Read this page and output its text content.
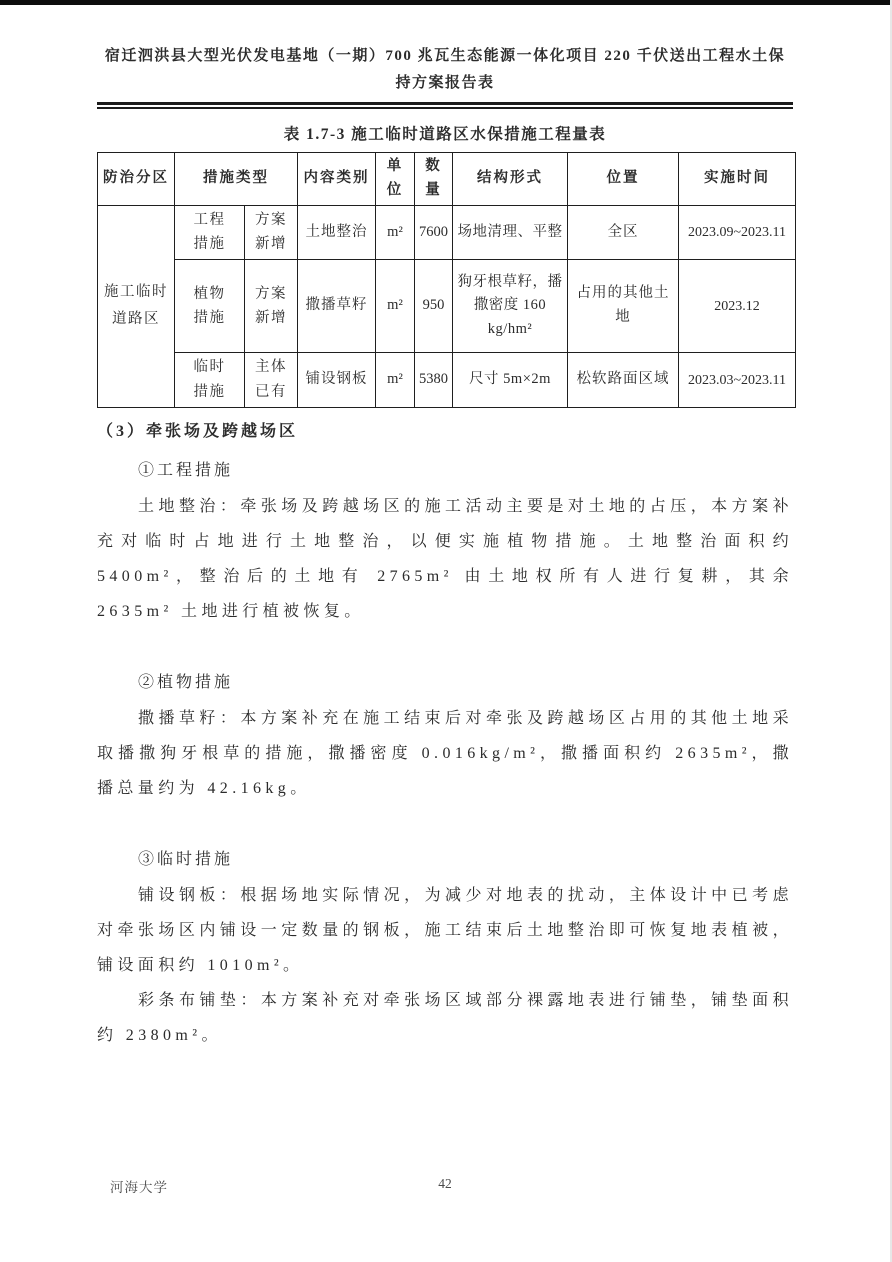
宿迁泗洪县大型光伏发电基地（一期）700 兆瓦生态能源一体化项目 220 千伏送出工程水土保持方案报告表
表 1.7-3 施工临时道路区水保措施工程量表
防治分区	措施类型		内容类别	单位	数量	结构形式	位置	实施时间
施工临时道路区	工程措施	方案新增	土地整治	m²	7600	场地清理、平整	全区	2023.09~2023.11
	植物措施	方案新增	撒播草籽	m²	950	狗牙根草籽，播撒密度 160 kg/hm²	占用的其他土地	2023.12
	临时措施	主体已有	铺设钢板	m²	5380	尺寸 5m×2m	松软路面区域	2023.03~2023.11
（3）牵张场及跨越场区
①工程措施

土地整治：牵张场及跨越场区的施工活动主要是对土地的占压，本方案补充对临时占地进行土地整治，以便实施植物措施。土地整治面积约 5400m²，整治后的土地有 2765m² 由土地权所有人进行复耕，其余 2635m² 土地进行植被恢复。

②植物措施

撒播草籽：本方案补充在施工结束后对牵张及跨越场区占用的其他土地采取播撒狗牙根草的措施，撒播密度 0.016kg/m²，撒播面积约 2635m²，撒播总量约为 42.16kg。

③临时措施

铺设钢板：根据场地实际情况，为减少对地表的扰动，主体设计中已考虑对牵张场区内铺设一定数量的钢板，施工结束后土地整治即可恢复地表植被，铺设面积约 1010m²。

彩条布铺垫：本方案补充对牵张场区域部分裸露地表进行铺垫，铺垫面积约 2380m²。

河海大学	42
